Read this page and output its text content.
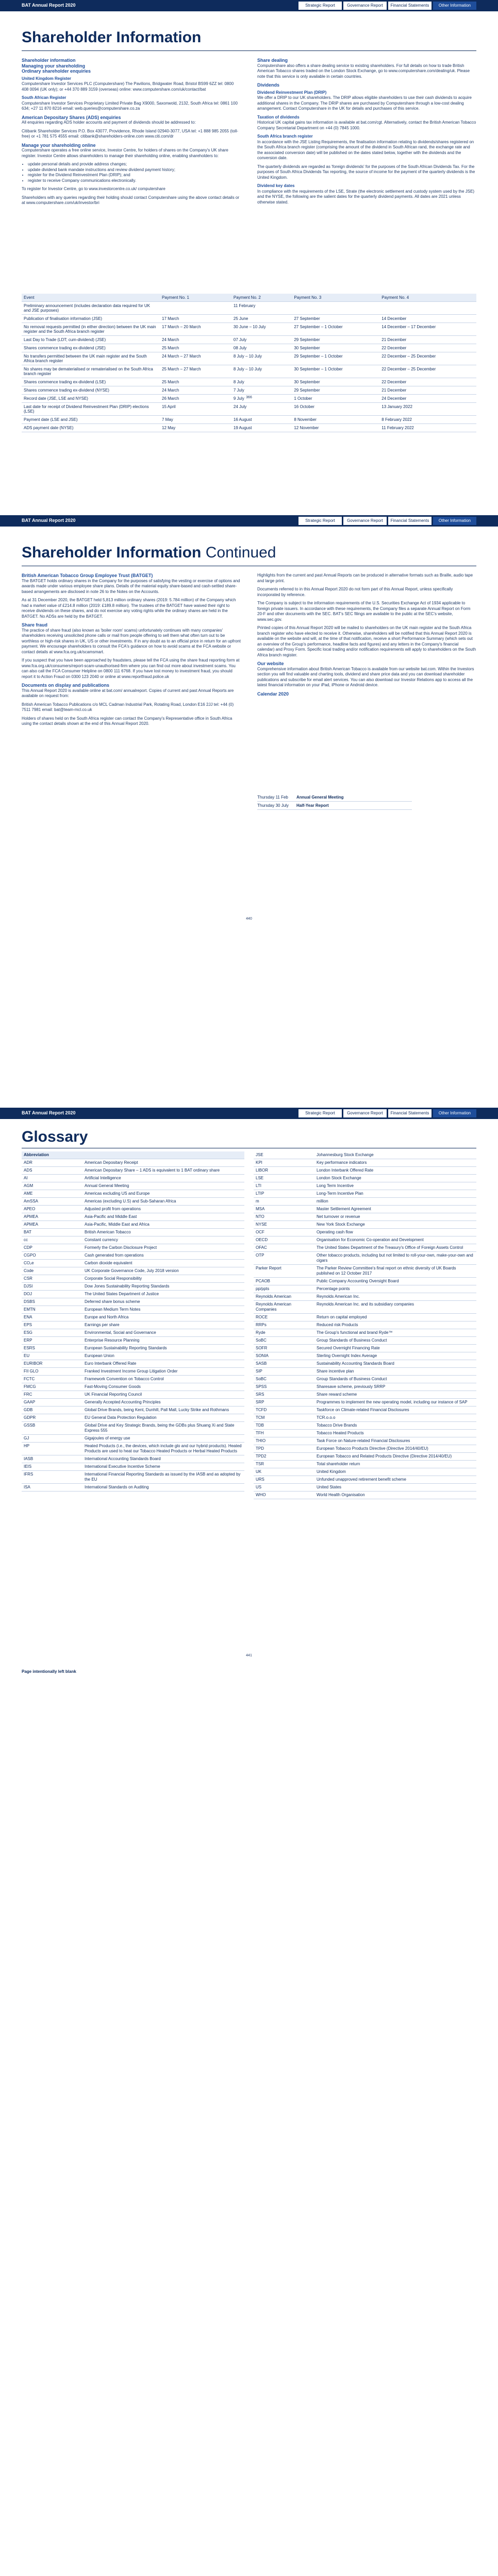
BAT Annual Report 2020	Strategic Report	Governance Report	Financial Statements	Other Information
Shareholder Information
Shareholder information
Managing your shareholding
Ordinary shareholder enquiries
United Kingdom Register

Computershare Investor Services PLC (Computershare) The Pavilions, Bridgwater Road, Bristol BS99 6ZZ tel: 0800 408 0094 (UK only); or +44 370 889 3159 (overseas) online: www.computershare.com/uk/contact/bat

South African Register

Computershare Investor Services Proprietary Limited Private Bag X9000, Saxonwold, 2132, South Africa tel: 0861 100 634; +27 11 870 8216 email: web.queries@computershare.co.za

American Depositary Shares (ADS) enquiries

All enquiries regarding ADS holder accounts and payment of dividends should be addressed to:

Citibank Shareholder Services P.O. Box 43077, Providence, Rhode Island 02940-3077, USA tel: +1 888 985 2055 (toll-free) or +1 781 575 4555 email: citibank@shareholders-online.com www.citi.com/dr

Manage your shareholding online

Computershare operates a free online service, Investor Centre, for holders of shares on the Company's UK share register. Investor Centre allows shareholders to manage their shareholding online, enabling shareholders to:

• update personal details and provide address changes;
• update dividend bank mandate instructions and review dividend payment history;
• register for the Dividend Reinvestment Plan (DRIP); and
• register to receive Company communications electronically.

To register for Investor Centre, go to www.investorcentre.co.uk/ computershare

Shareholders with any queries regarding their holding should contact Computershare using the above contact details or at www.computershare.com/uk/investor/bri

Share dealing

Computershare also offers a share dealing service to existing shareholders. For full details on how to trade British American Tobacco shares traded on the London Stock Exchange, go to www.computershare.com/dealing/uk. Please note that this service is only available in certain countries.

Dividends
Dividend Reinvestment Plan (DRIP)

We offer a DRIP to our UK shareholders. The DRIP allows eligible shareholders to use their cash dividends to acquire additional shares in the Company. The DRIP shares are purchased by Computershare through a low-cost dealing arrangement. Contact Computershare in the UK for details and purchases of this service.

Taxation of dividends

Historical UK capital gains tax information is available at bat.com/cgt. Alternatively, contact the British American Tobacco Company Secretarial Department on +44 (0) 7845 1000.

South Africa branch register

In accordance with the JSE Listing Requirements, the finalisation information relating to dividends/shares registered on the South Africa branch register (comprising the amount of the dividend in South African rand, the exchange rate and the associated conversion date) will be published on the dates stated below, together with the dividends and the conversion date.

The quarterly dividends are regarded as 'foreign dividends' for the purposes of the South African Dividends Tax. For the purposes of South Africa Dividends Tax reporting, the source of income for the payment of the quarterly dividends is the United Kingdom.

Dividend key dates

In compliance with the requirements of the LSE, Strate (the electronic settlement and custody system used by the JSE) and the NYSE, the following are the salient dates for the quarterly dividend payments. All dates are 2021 unless otherwise stated.

Event	Payment No. 1	Payment No. 2	Payment No. 3	Payment No. 4
Preliminary announcement (includes declaration data required for UK and JSE purposes)		11 February		
Publication of finalisation information (JSE)	17 March	25 June	27 September	14 December
No removal requests permitted (in either direction) between the UK main register and the South Africa branch register	17 March – 20 March	30 June – 10 July	27 September – 1 October	14 December – 17 December
Last Day to Trade (LDT; cum-dividend) (JSE)	24 March	07 July	29 September	21 December
Shares commence trading ex-dividend (JSE)	25 March	08 July	30 September	22 December
No transfers permitted between the UK main register and the South Africa branch register	24 March – 27 March	8 July – 10 July	29 September – 1 October	22 December – 25 December
No shares may be dematerialised or rematerialised on the South Africa branch register	25 March – 27 March	8 July – 10 July	30 September – 1 October	22 December – 25 December
Shares commence trading ex-dividend (LSE)	25 March	8 July	30 September	22 December
Shares commence trading ex-dividend (NYSE)	24 March	7 July	29 September	21 December
Record date (JSE, LSE and NYSE)	26 March	9 July	1 October	24 December
Last date for receipt of Dividend Reinvestment Plan (DRIP) elections (LSE)	15 April	24 July	16 October	13 January 2022
Payment date (LSE and JSE)	7 May	16 August	8 November	8 February 2022
ADS payment date (NYSE)	12 May	19 August	12 November	11 February 2022
366
BAT Annual Report 2020	Strategic Report	Governance Report	Financial Statements	Other Information
Shareholder Information Continued
British American Tobacco Group Employee Trust (BATGET)

The BATGET holds ordinary shares in the Company for the purposes of satisfying the vesting or exercise of options and awards made under various employee share plans. Details of the material equity share-based and cash-settled share-based arrangements are disclosed in note 26 to the Notes on the Accounts.

As at 31 December 2020, the BATGET held 5,813 million ordinary shares (2019: 5.784 million) of the Company which had a market value of £214.8 million (2019: £189.8 million). The trustees of the BATGET have waived their right to receive dividends on these shares, and do not exercise any voting rights while the ordinary shares are held in the BATGET. No ADSs are held by the BATGET.

Share fraud

The practice of share fraud (also known as 'boiler room' scams) unfortunately continues with many companies' shareholders receiving unsolicited phone calls or mail from people offering to sell them what often turn out to be worthless or high-risk shares in UK, US or other investments. If in any doubt as to an official price in return for an upfront payment. We encourage shareholders to consult the FCA's guidance on how to avoid scams at the FCA website or contact details at www.fca.org.uk/scamsmart.

If you suspect that you have been approached by fraudsters, please tell the FCA using the share fraud reporting form at www.fca.org.uk/consumers/report-scam-unauthorised-firm where you can find out more about investment scams. You can also call the FCA Consumer Helpline on 0800 111 6768. If you have lost money to investment fraud, you should report it to Action Fraud on 0300 123 2040 or online at www.reportfraud.police.uk

Documents on display and publications

This Annual Report 2020 is available online at bat.com/ annualreport. Copies of current and past Annual Reports are available on request from:

British American Tobacco Publications c/o MCL Cadman Industrial Park, Rotating Road, London E16 2JJ tel: +44 (0) 7511 7981 email: bat@team-mcl.co.uk

Holders of shares held on the South Africa register can contact the Company's Representative office in South Africa using the contact details shown at the end of this Annual Report 2020.

Highlights from the current and past Annual Reports can be produced in alternative formats such as Braille, audio tape and large print.

Documents referred to in this Annual Report 2020 do not form part of this Annual Report, unless specifically incorporated by reference.

The Company is subject to the information requirements of the U.S. Securities Exchange Act of 1934 applicable to foreign private issuers. In accordance with these requirements, the Company files a separate Annual Report on Form 20-F and other documents with the SEC. BAT's SEC filings are available to the public at the SEC's website, www.sec.gov.

Printed copies of this Annual Report 2020 will be mailed to shareholders on the UK main register and the South Africa branch register who have elected to receive it. Otherwise, shareholders will be notified that this Annual Report 2020 is available on the website and will, at the time of that notification, receive a short Performance Summary (which sets out an overview of the Group's performance, headline facts and figures) and any letters in the Company's financial calendar) and Proxy Form. Specific local trading and/or notification requirements will apply to shareholders on the South Africa branch register.

Our website

Comprehensive information about British American Tobacco is available from our website bat.com. Within the Investors section you will find valuable and charting tools, dividend and share price data and you can download shareholder publications and subscribe for email alert services. You can also download our Investor Relations app to access all the latest financial information on your iPad, iPhone or Android device.

Calendar 2020
Thursday 11 Feb	Annual General Meeting
Thursday 30 July	Half-Year Report
440
BAT Annual Report 2020	Strategic Report	Governance Report	Financial Statements	Other Information
Glossary
Abbreviation	
ADR	American Depositary Receipt
ADS	American Depositary Share – 1 ADS is equivalent to 1 BAT ordinary share
AI	Artificial Intelligence
AGM	Annual General Meeting
AME	Americas excluding US and Europe
AmSSA	Americas (excluding U.S) and Sub-Saharan Africa
APEO	Adjusted profit from operations
APMEA	Asia-Pacific and Middle East
APMEA	Asia-Pacific, Middle East and Africa
BAT	British American Tobacco
cc	Constant currency
CDP	Formerly the Carbon Disclosure Project
CGPO	Cash generated from operations
CO₂e	Carbon dioxide equivalent
Code	UK Corporate Governance Code, July 2018 version
CSR	Corporate Social Responsibility
DJSI	Dow Jones Sustainability Reporting Standards
DOJ	The United States Department of Justice
DSBS	Deferred share bonus scheme
EMTN	European Medium Term Notes
ENA	Europe and North Africa
EPS	Earnings per share
ESG	Environmental, Social and Governance
ERP	Enterprise Resource Planning
ESRS	European Sustainability Reporting Standards
EU	European Union
EURIBOR	Euro Interbank Offered Rate
FII GLO	Franked Investment Income Group Litigation Order
FCTC	Framework Convention on Tobacco Control
FMCG	Fast-Moving Consumer Goods
FRC	UK Financial Reporting Council
GAAP	Generally Accepted Accounting Principles
GDB	Global Drive Brands, being Kent, Dunhill, Pall Mall, Lucky Strike and Rothmans
GDPR	EU General Data Protection Regulation
GSSB	Global Drive and Key Strategic Brands, being the GDBs plus Shuang Xi and State Express 555
GJ	Gigajoules of energy use
HP	Heated Products (i.e., the devices, which include glo and our hybrid products). Heated Products are used to heat our Tobacco Heated Products or Herbal Heated Products
IASB	International Accounting Standards Board
IEIS	International Executive Incentive Scheme
IFRS	International Financial Reporting Standards as issued by the IASB and as adopted by the EU
ISA	International Standards on Auditing
JSE	Johannesburg Stock Exchange
KPI	Key performance indicators
LIBOR	London Interbank Offered Rate
LSE	London Stock Exchange
LTI	Long Term Incentive
LTIP	Long-Term Incentive Plan
m	million
MSA	Master Settlement Agreement
NTO	Net turnover or revenue
NYSE	New York Stock Exchange
OCF	Operating cash flow
OECD	Organisation for Economic Co-operation and Development
OFAC	The United States Department of the Treasury's Office of Foreign Assets Control
OTP	Other tobacco products, including but not limited to roll-your-own, make-your-own and cigars
Parker Report	The Parker Review Committee's final report on ethnic diversity of UK Boards published on 12 October 2017
PCAOB	Public Company Accounting Oversight Board
pp/ppts	Percentage points
Reynolds American	Reynolds American Inc.
Reynolds American Companies	Reynolds American Inc. and its subsidiary companies
ROCE	Return on capital employed
RRPs	Reduced risk Products
Ryde	The Group's functional and brand Ryde™
SoBC	Group Standards of Business Conduct
SOFR	Secured Overnight Financing Rate
SONIA	Sterling Overnight Index Average
SASB	Sustainability Accounting Standards Board
SIP	Share incentive plan
SoBC	Group Standards of Business Conduct
SPSS	Sharesave scheme, previously SRRP
SRS	Share reward scheme
SRP	Programmes to implement the new operating model, including our instance of SAP
TCFD	Taskforce on Climate-related Financial Disclosures
TCM	TCR.o.o.o
TDB	Tobacco Drive Brands
TFH	Tobacco Heated Products
THIO	Task Force on Nature-related Financial Disclosures
TPD	European Tobacco Products Directive (Directive 2014/40/EU)
TPD2	European Tobacco and Related Products Directive (Directive 2014/40/EU)
TSR	Total shareholder return
UK	United Kingdom
URS	Unfunded unapproved retirement benefit scheme
US	United States
WHO	World Health Organisation
441
Page intentionally left blank
